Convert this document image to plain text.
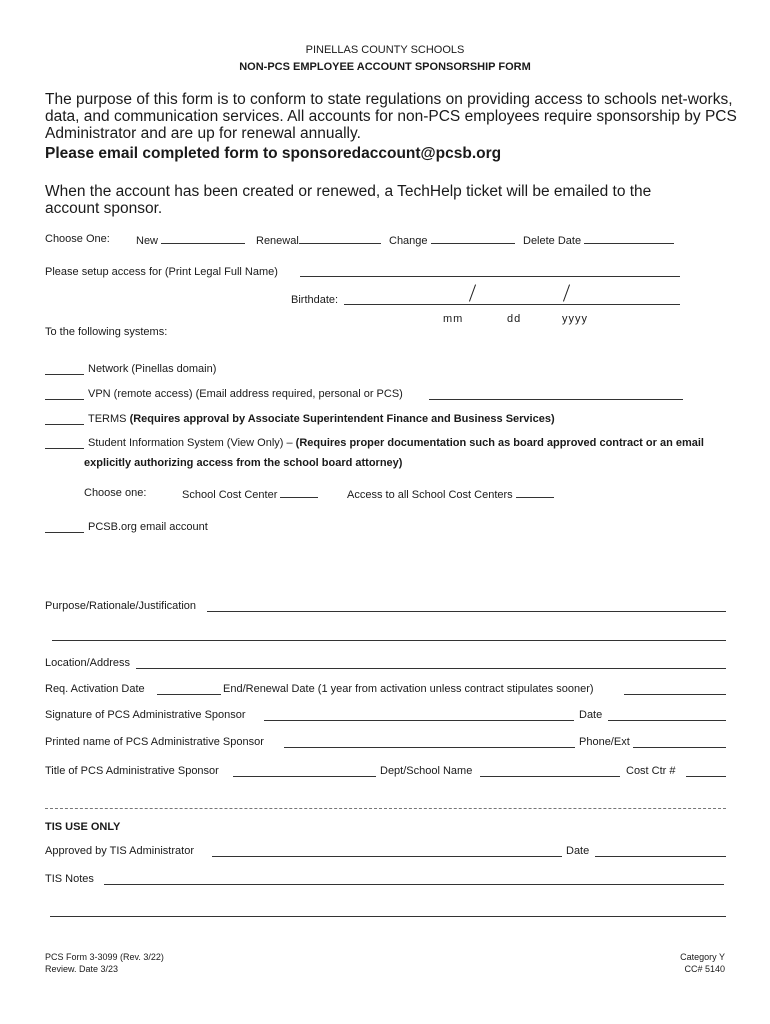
PINELLAS COUNTY SCHOOLS
NON-PCS EMPLOYEE ACCOUNT SPONSORSHIP FORM
The purpose of this form is to conform to state regulations on providing access to schools net-works, data, and communication services. All accounts for non-PCS employees require sponsorship by PCS Administrator and are up for renewal annually.
Please email completed form to sponsoredaccount@pcsb.org
When the account has been created or renewed, a TechHelp ticket will be emailed to the account sponsor.
Choose One: New	Renewal	Change	Delete Date
Please setup access for (Print Legal Full Name)
Birthdate:
mm	dd	yyyy
To the following systems:
Network (Pinellas domain)
VPN (remote access) (Email address required, personal or PCS)
TERMS (Requires approval by Associate Superintendent Finance and Business Services)
Student Information System (View Only) – (Requires proper documentation such as board approved contract or an email
explicitly authorizing access from the school board attorney)
Choose one:	School Cost Center	Access to all School Cost Centers
PCSB.org email account
Purpose/Rationale/Justification
Location/Address
Req. Activation Date	End/Renewal Date (1 year from activation unless contract stipulates sooner)
Signature of PCS Administrative Sponsor	Date
Printed name of PCS Administrative Sponsor	Phone/Ext
Title of PCS Administrative Sponsor	Dept/School Name	Cost Ctr #
TIS USE ONLY
Approved by TIS Administrator	Date
TIS Notes
PCS Form 3-3099 (Rev. 3/22)
Review. Date 3/23
Category Y
CC# 5140
